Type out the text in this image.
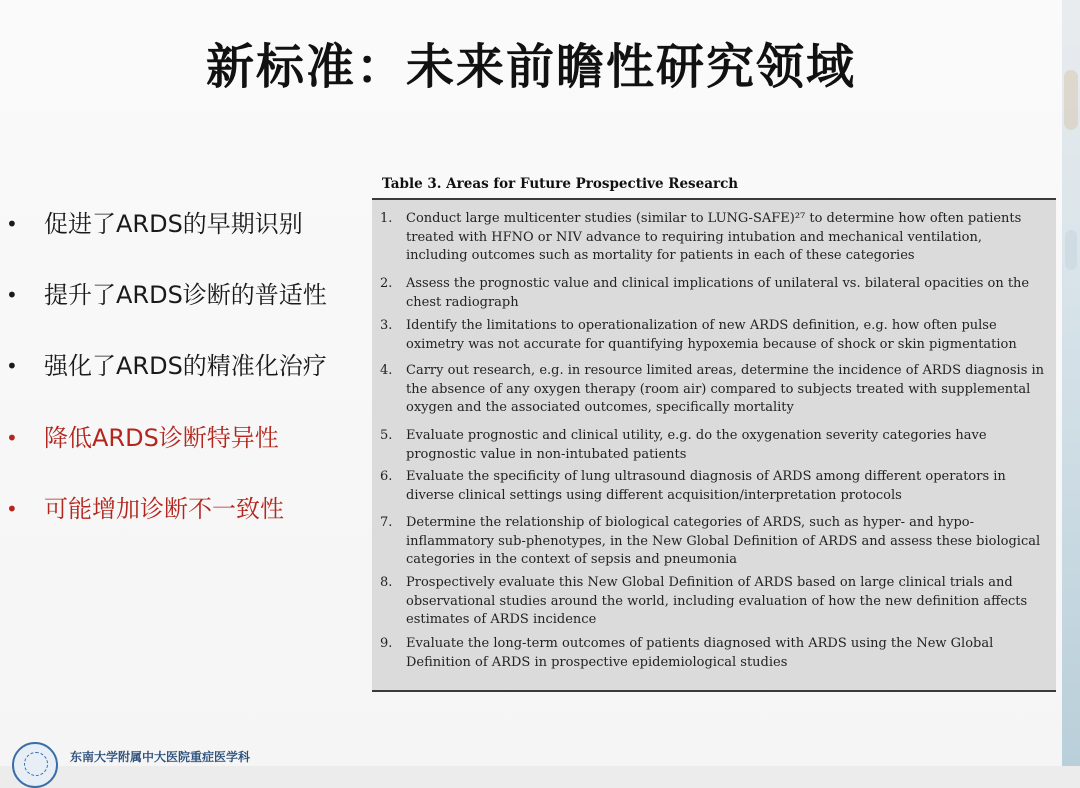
新标准：未来前瞻性研究领域
• 促进了ARDS的早期识别
• 提升了ARDS诊断的普适性
• 强化了ARDS的精准化治疗
• 降低ARDS诊断特异性
• 可能增加诊断不一致性
Table 3. Areas for Future Prospective Research
1.	Conduct large multicenter studies (similar to LUNG-SAFE)²⁷ to determine how often patients treated with HFNO or NIV advance to requiring intubation and mechanical ventilation, including outcomes such as mortality for patients in each of these categories
2.	Assess the prognostic value and clinical implications of unilateral vs. bilateral opacities on the chest radiograph
3.	Identify the limitations to operationalization of new ARDS definition, e.g. how often pulse oximetry was not accurate for quantifying hypoxemia because of shock or skin pigmentation
4.	Carry out research, e.g. in resource limited areas, determine the incidence of ARDS diagnosis in the absence of any oxygen therapy (room air) compared to subjects treated with supplemental oxygen and the associated outcomes, specifically mortality
5.	Evaluate prognostic and clinical utility, e.g. do the oxygenation severity categories have prognostic value in non-intubated patients
6.	Evaluate the specificity of lung ultrasound diagnosis of ARDS among different operators in diverse clinical settings using different acquisition/interpretation protocols
7.	Determine the relationship of biological categories of ARDS, such as hyper- and hypo-inflammatory sub-phenotypes, in the New Global Definition of ARDS and assess these biological categories in the context of sepsis and pneumonia
8.	Prospectively evaluate this New Global Definition of ARDS based on large clinical trials and observational studies around the world, including evaluation of how the new definition affects estimates of ARDS incidence
9.	Evaluate the long-term outcomes of patients diagnosed with ARDS using the New Global Definition of ARDS in prospective epidemiological studies
东南大学附属中大医院重症医学科
